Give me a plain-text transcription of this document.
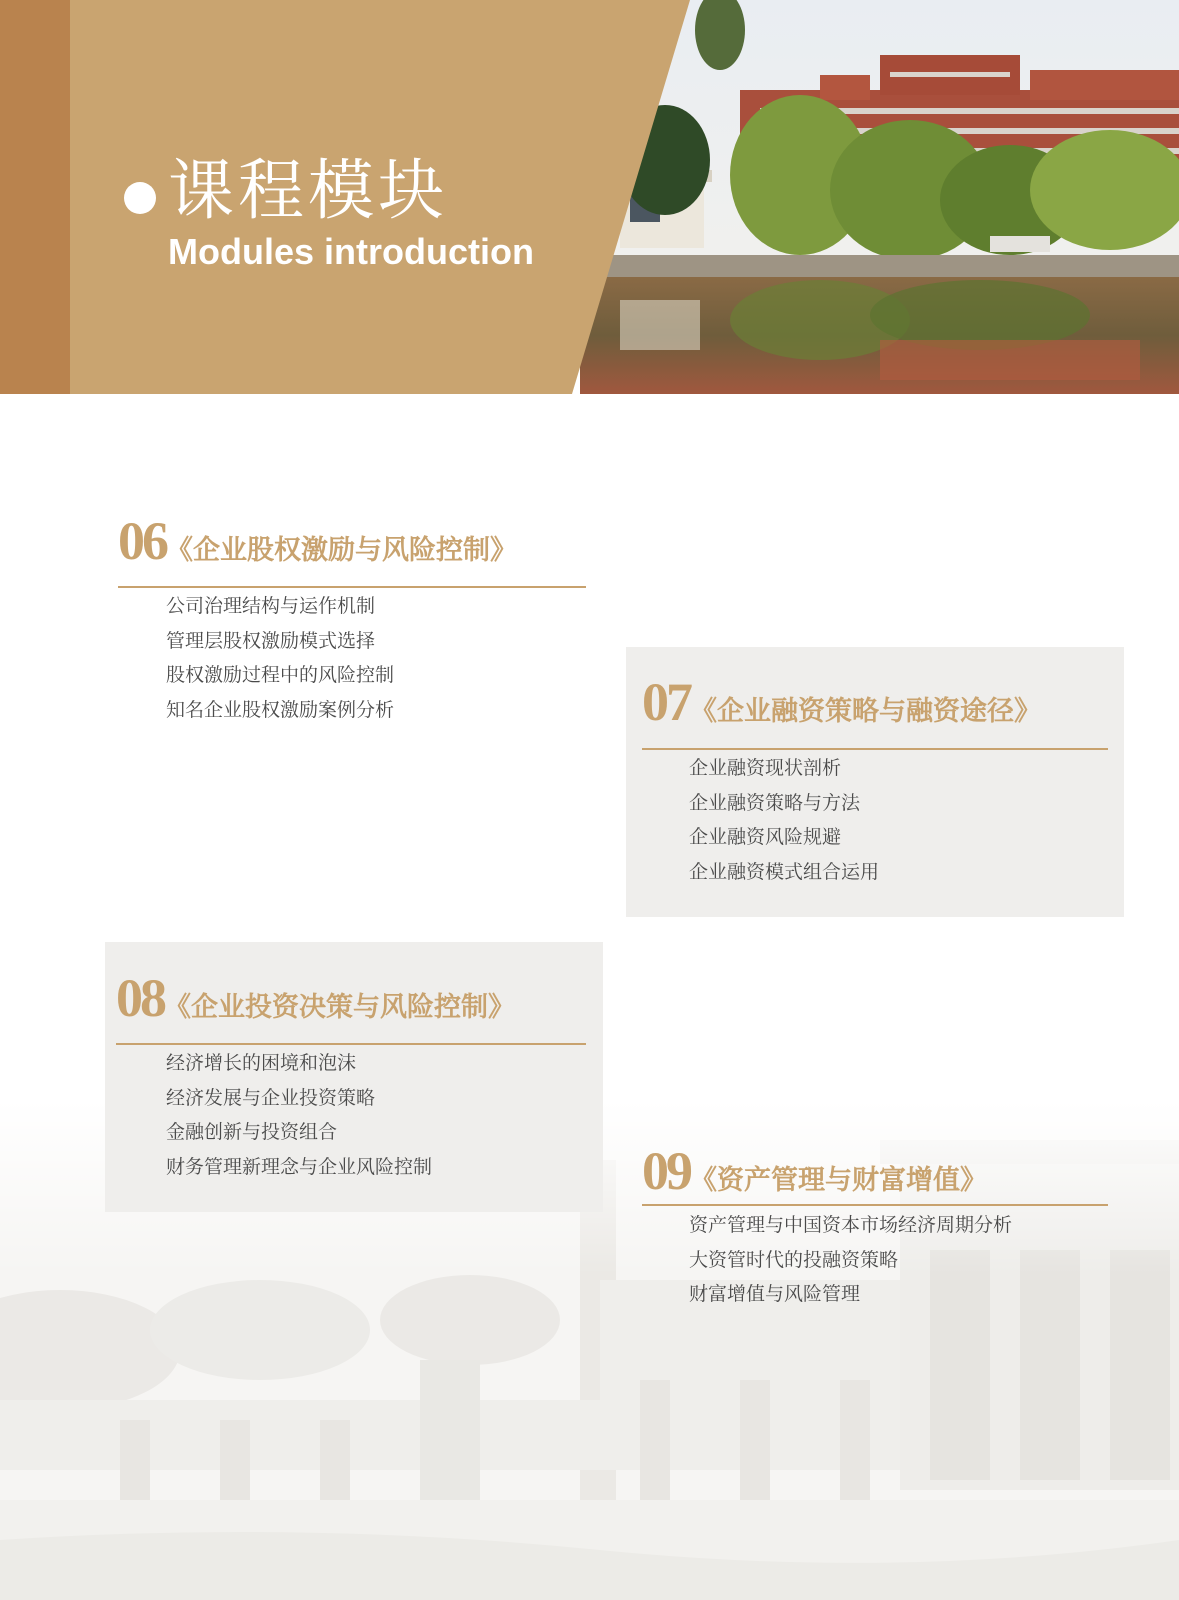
课程模块
Modules introduction
06《企业股权激励与风险控制》
公司治理结构与运作机制
管理层股权激励模式选择
股权激励过程中的风险控制
知名企业股权激励案例分析	07《企业融资策略与融资途径》
企业融资现状剖析
企业融资策略与方法
企业融资风险规避
企业融资模式组合运用
08《企业投资决策与风险控制》
经济增长的困境和泡沫
经济发展与企业投资策略
金融创新与投资组合
财务管理新理念与企业风险控制	09《资产管理与财富增值》
资产管理与中国资本市场经济周期分析
大资管时代的投融资策略
财富增值与风险管理
